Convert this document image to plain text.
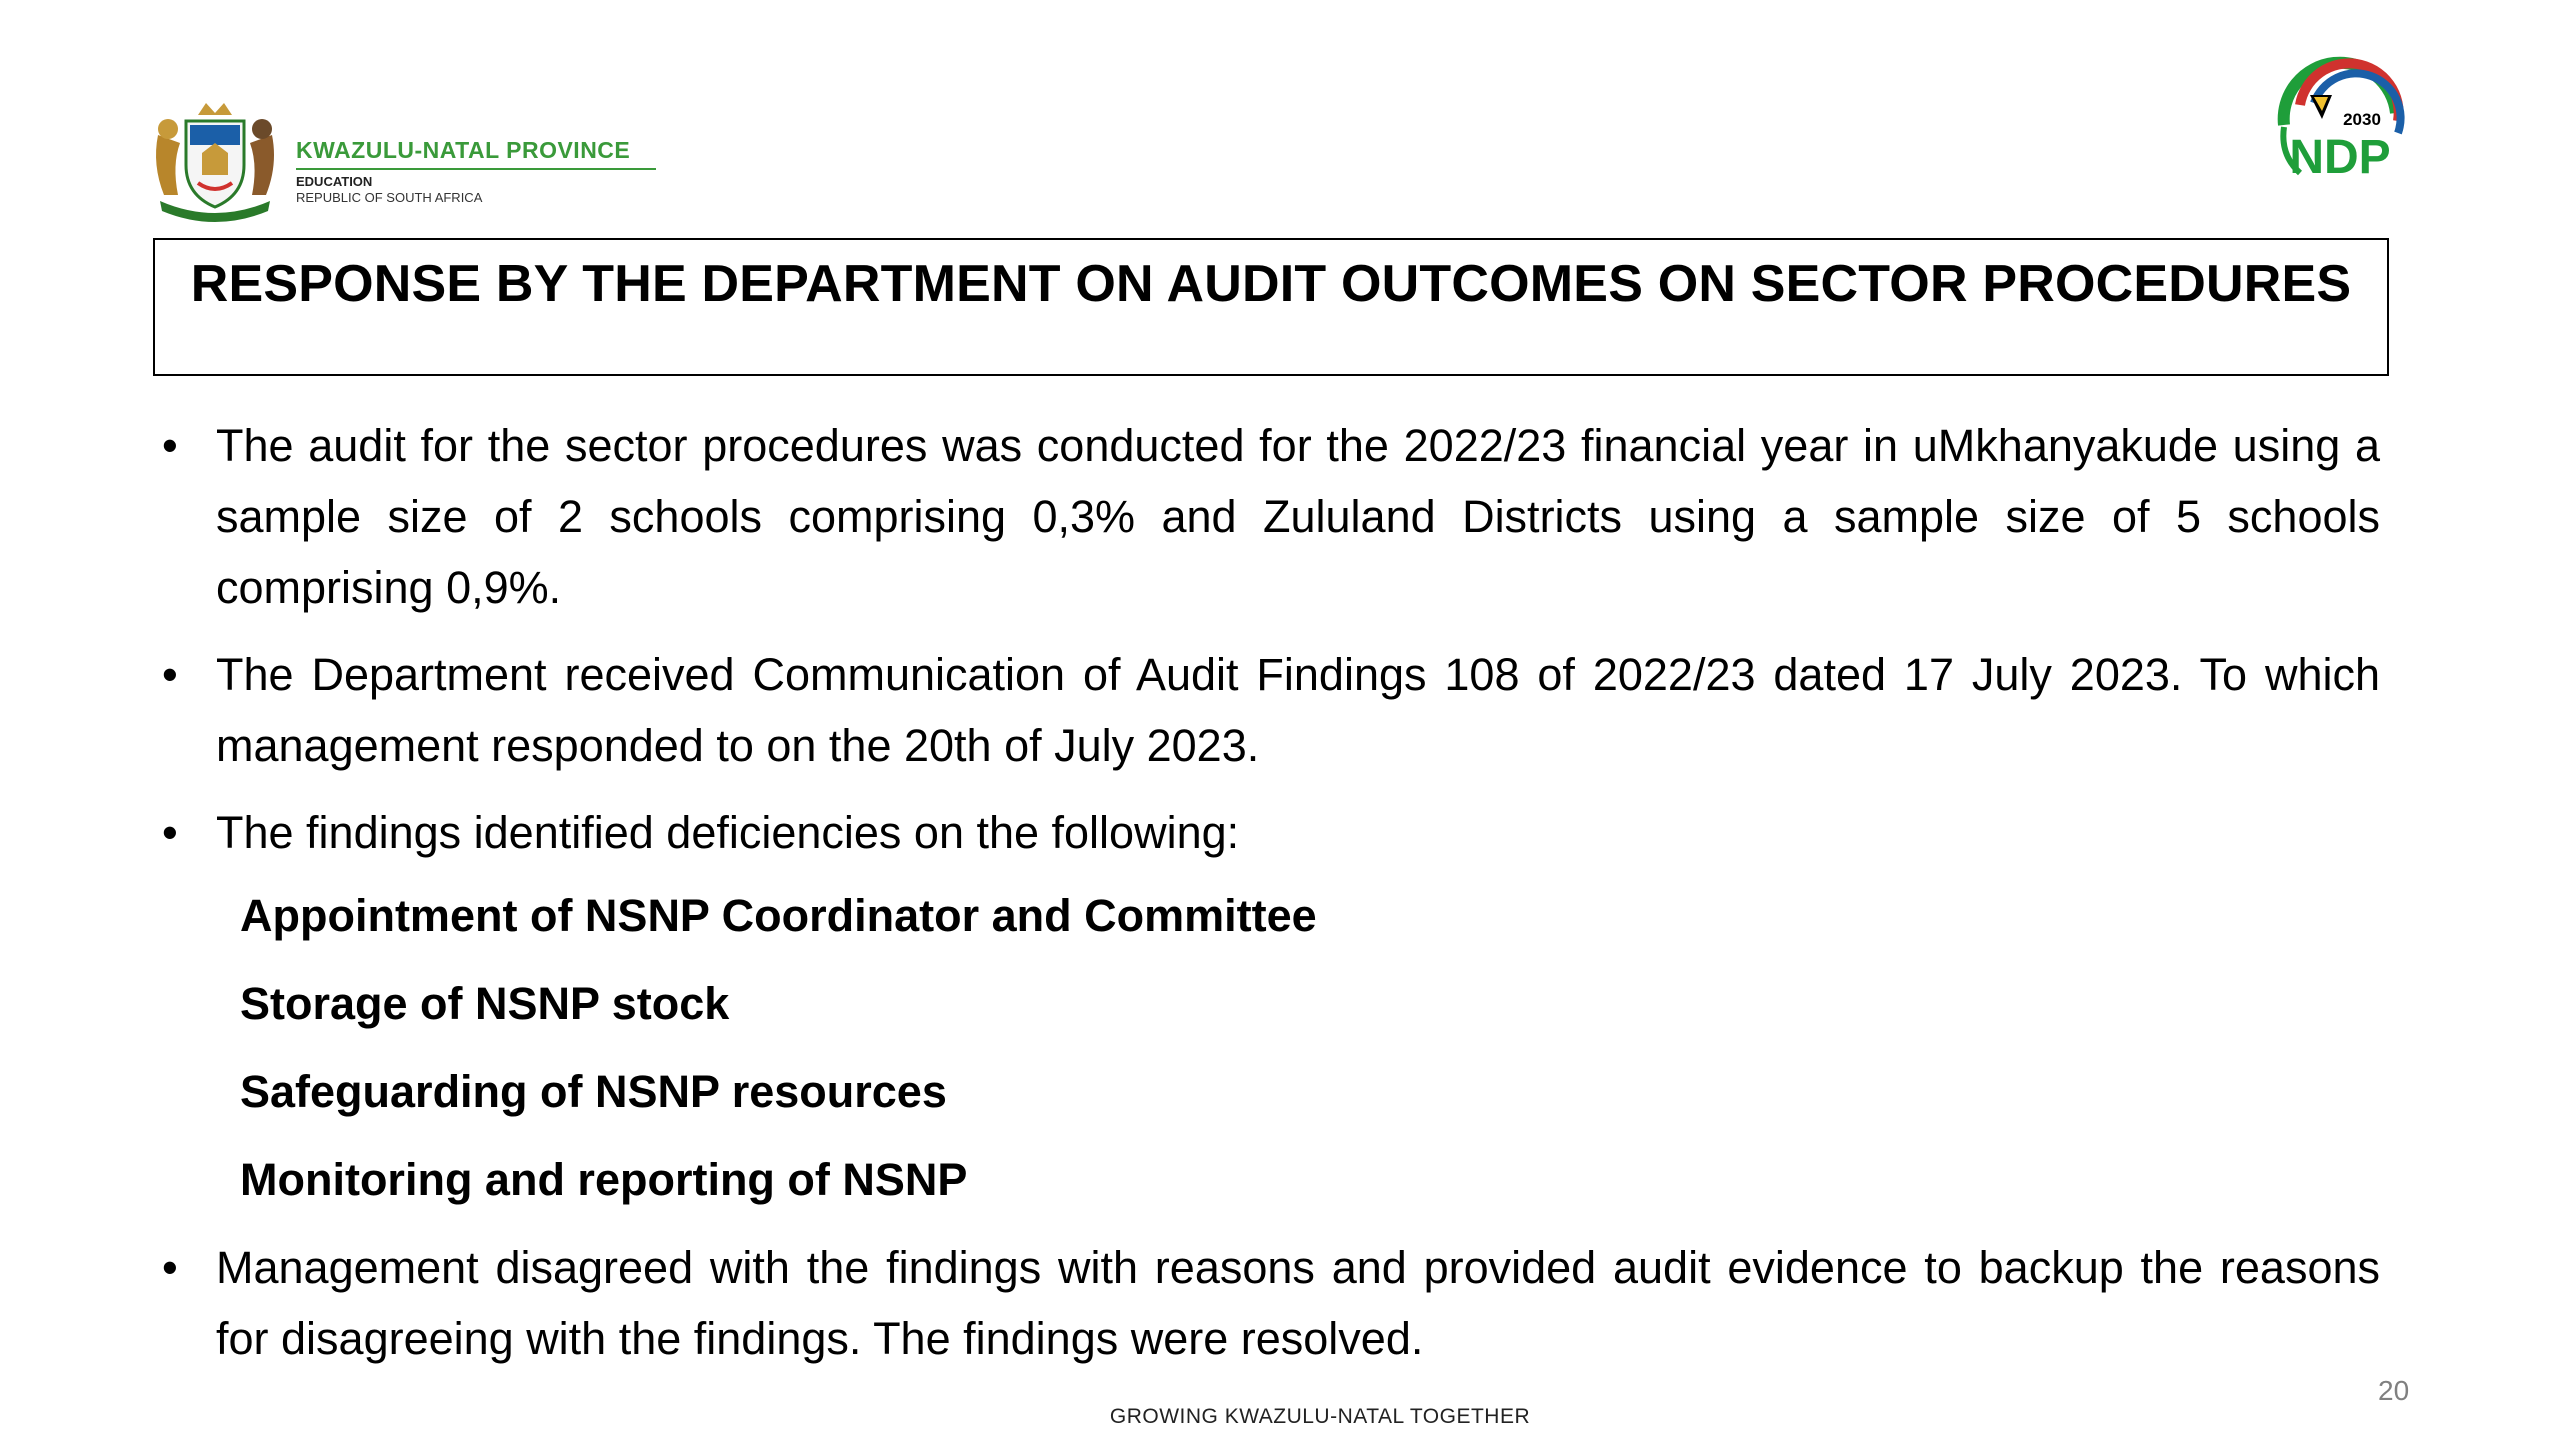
KWAZULU-NATAL PROVINCE
EDUCATION
REPUBLIC OF SOUTH AFRICA
2030
NDP
RESPONSE BY THE DEPARTMENT ON AUDIT OUTCOMES ON SECTOR PROCEDURES
• The audit for the sector procedures was conducted for the 2022/23 financial year in uMkhanyakude using a sample size of 2 schools comprising 0,3% and Zululand Districts using a sample size of 5 schools comprising 0,9%.
• The Department received Communication of Audit Findings 108 of 2022/23 dated 17 July 2023. To which management responded to on the 20th of July 2023.
• The findings identified deficiencies on the following:
Appointment of NSNP Coordinator and Committee
Storage of NSNP stock
Safeguarding of NSNP resources
Monitoring and reporting of NSNP
• Management disagreed with the findings with reasons and provided audit evidence to backup the reasons for disagreeing with the findings. The findings were resolved.
20
GROWING KWAZULU-NATAL TOGETHER
